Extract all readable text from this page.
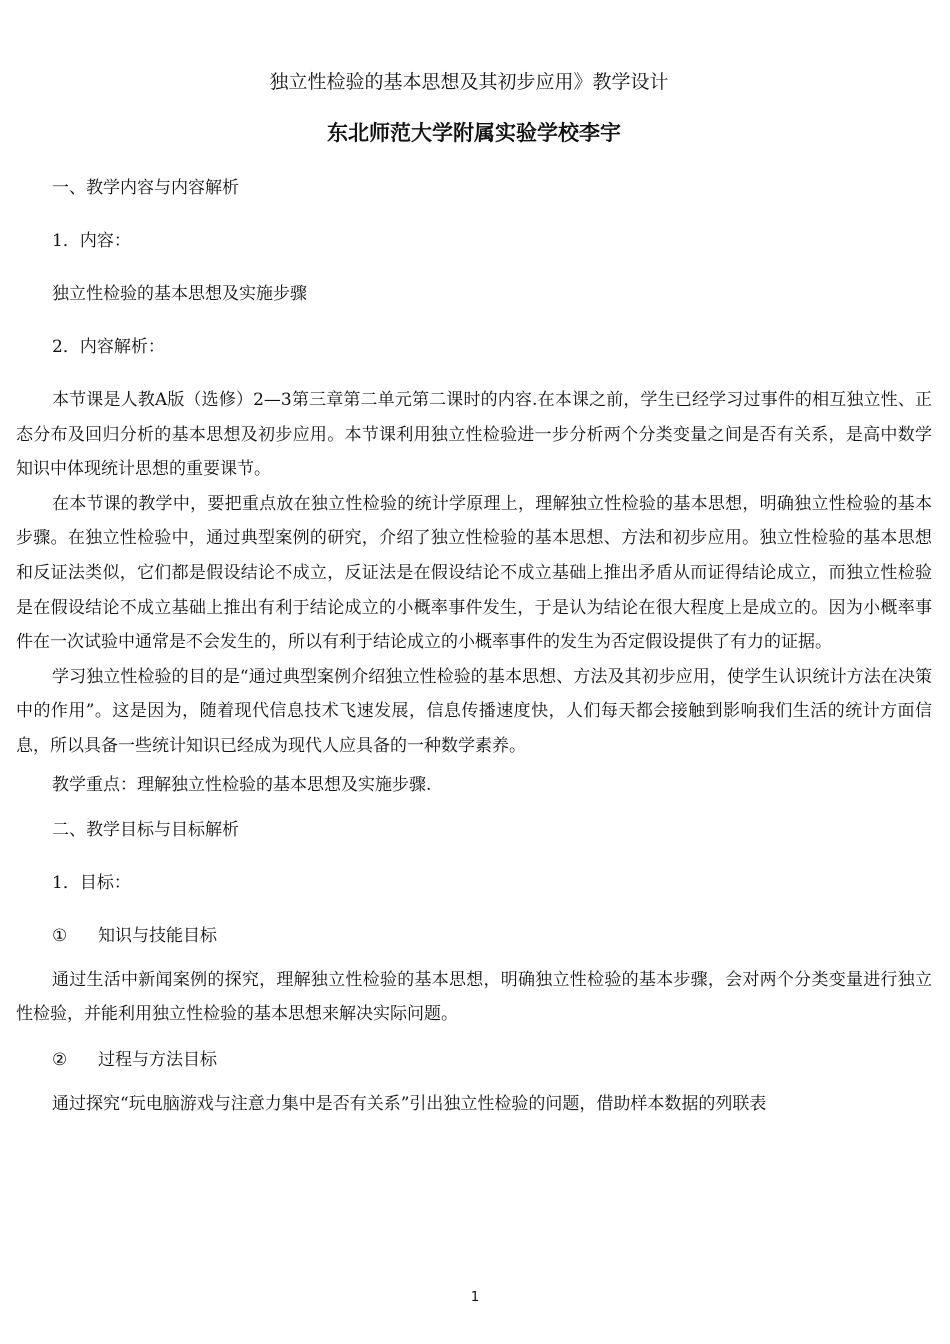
独立性检验的基本思想及其初步应用》教学设计
东北师范大学附属实验学校李宇
一、教学内容与内容解析
1．内容：
独立性检验的基本思想及实施步骤
2．内容解析：

本节课是人教A版（选修）2—3第三章第二单元第二课时的内容.在本课之前，学生已经学习过事件的相互独立性、正态分布及回归分析的基本思想及初步应用。本节课利用独立性检验进一步分析两个分类变量之间是否有关系，是高中数学知识中体现统计思想的重要课节。

在本节课的教学中，要把重点放在独立性检验的统计学原理上，理解独立性检验的基本思想，明确独立性检验的基本步骤。在独立性检验中，通过典型案例的研究，介绍了独立性检验的基本思想、方法和初步应用。独立性检验的基本思想和反证法类似，它们都是假设结论不成立，反证法是在假设结论不成立基础上推出矛盾从而证得结论成立，而独立性检验是在假设结论不成立基础上推出有利于结论成立的小概率事件发生，于是认为结论在很大程度上是成立的。因为小概率事件在一次试验中通常是不会发生的，所以有利于结论成立的小概率事件的发生为否定假设提供了有力的证据。

学习独立性检验的目的是“通过典型案例介绍独立性检验的基本思想、方法及其初步应用，使学生认识统计方法在决策中的作用”。这是因为，随着现代信息技术飞速发展，信息传播速度快，人们每天都会接触到影响我们生活的统计方面信息，所以具备一些统计知识已经成为现代人应具备的一种数学素养。

教学重点：理解独立性检验的基本思想及实施步骤.
二、教学目标与目标解析
1．目标：
① 知识与技能目标

通过生活中新闻案例的探究，理解独立性检验的基本思想，明确独立性检验的基本步骤，会对两个分类变量进行独立性检验，并能利用独立性检验的基本思想来解决实际问题。

② 过程与方法目标

通过探究“玩电脑游戏与注意力集中是否有关系”引出独立性检验的问题，借助样本数据的列联表

1
